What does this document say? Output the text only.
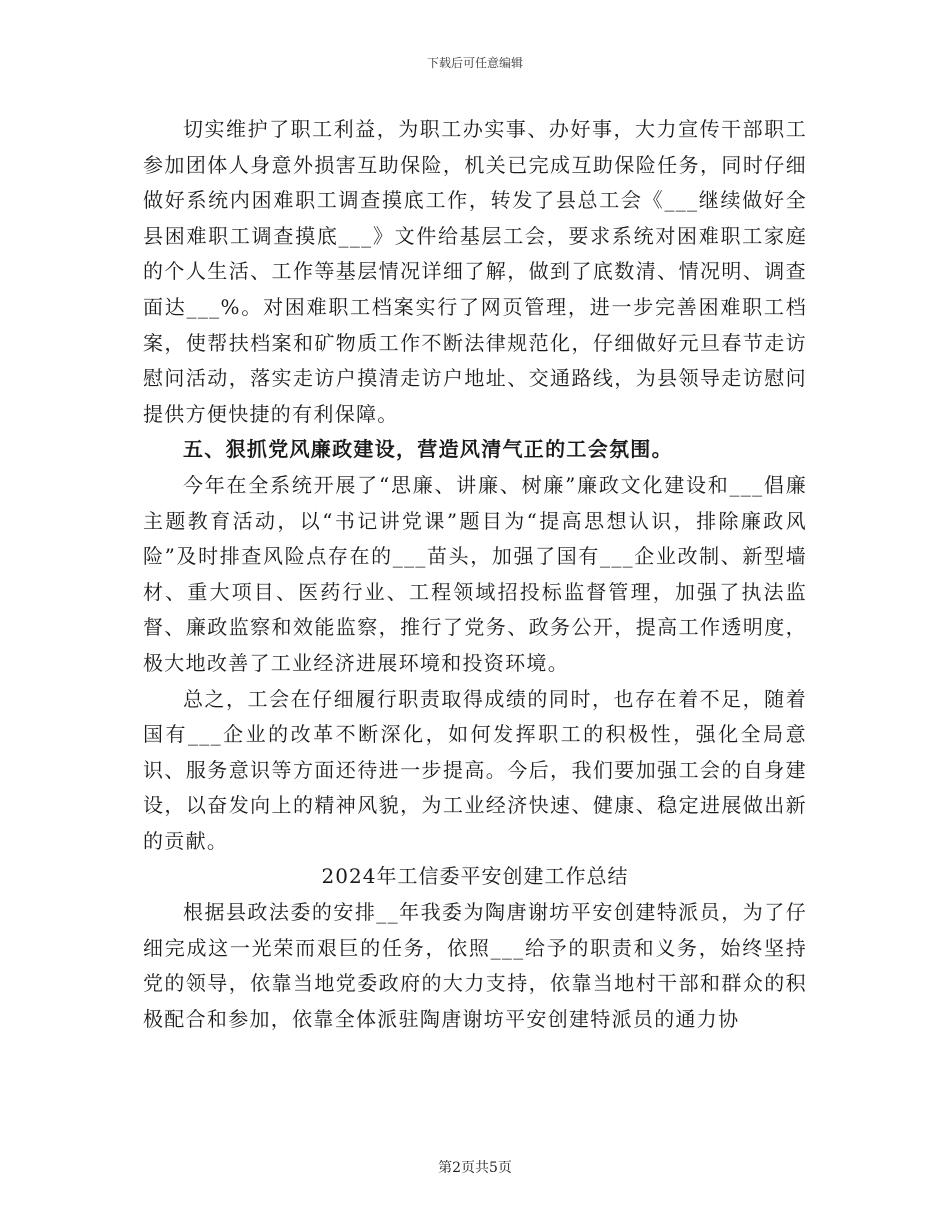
下载后可任意编辑

切实维护了职工利益，为职工办实事、办好事，大力宣传干部职工参加团体人身意外损害互助保险，机关已完成互助保险任务，同时仔细做好系统内困难职工调查摸底工作，转发了县总工会《___继续做好全县困难职工调查摸底___》文件给基层工会，要求系统对困难职工家庭的个人生活、工作等基层情况详细了解，做到了底数清、情况明、调查面达___%。对困难职工档案实行了网页管理，进一步完善困难职工档案，使帮扶档案和矿物质工作不断法律规范化，仔细做好元旦春节走访慰问活动，落实走访户摸清走访户地址、交通路线，为县领导走访慰问提供方便快捷的有利保障。

五、狠抓党风廉政建设，营造风清气正的工会氛围。

今年在全系统开展了“思廉、讲廉、树廉”廉政文化建设和___倡廉主题教育活动，以“书记讲党课”题目为“提高思想认识，排除廉政风险”及时排查风险点存在的___苗头，加强了国有___企业改制、新型墙材、重大项目、医药行业、工程领域招投标监督管理，加强了执法监督、廉政监察和效能监察，推行了党务、政务公开，提高工作透明度，极大地改善了工业经济进展环境和投资环境。

总之，工会在仔细履行职责取得成绩的同时，也存在着不足，随着国有___企业的改革不断深化，如何发挥职工的积极性，强化全局意识、服务意识等方面还待进一步提高。今后，我们要加强工会的自身建设，以奋发向上的精神风貌，为工业经济快速、健康、稳定进展做出新的贡献。

2024年工信委平安创建工作总结

根据县政法委的安排__年我委为陶唐谢坊平安创建特派员，为了仔细完成这一光荣而艰巨的任务，依照___给予的职责和义务，始终坚持党的领导，依靠当地党委政府的大力支持，依靠当地村干部和群众的积极配合和参加，依靠全体派驻陶唐谢坊平安创建特派员的通力协

第2页共5页
